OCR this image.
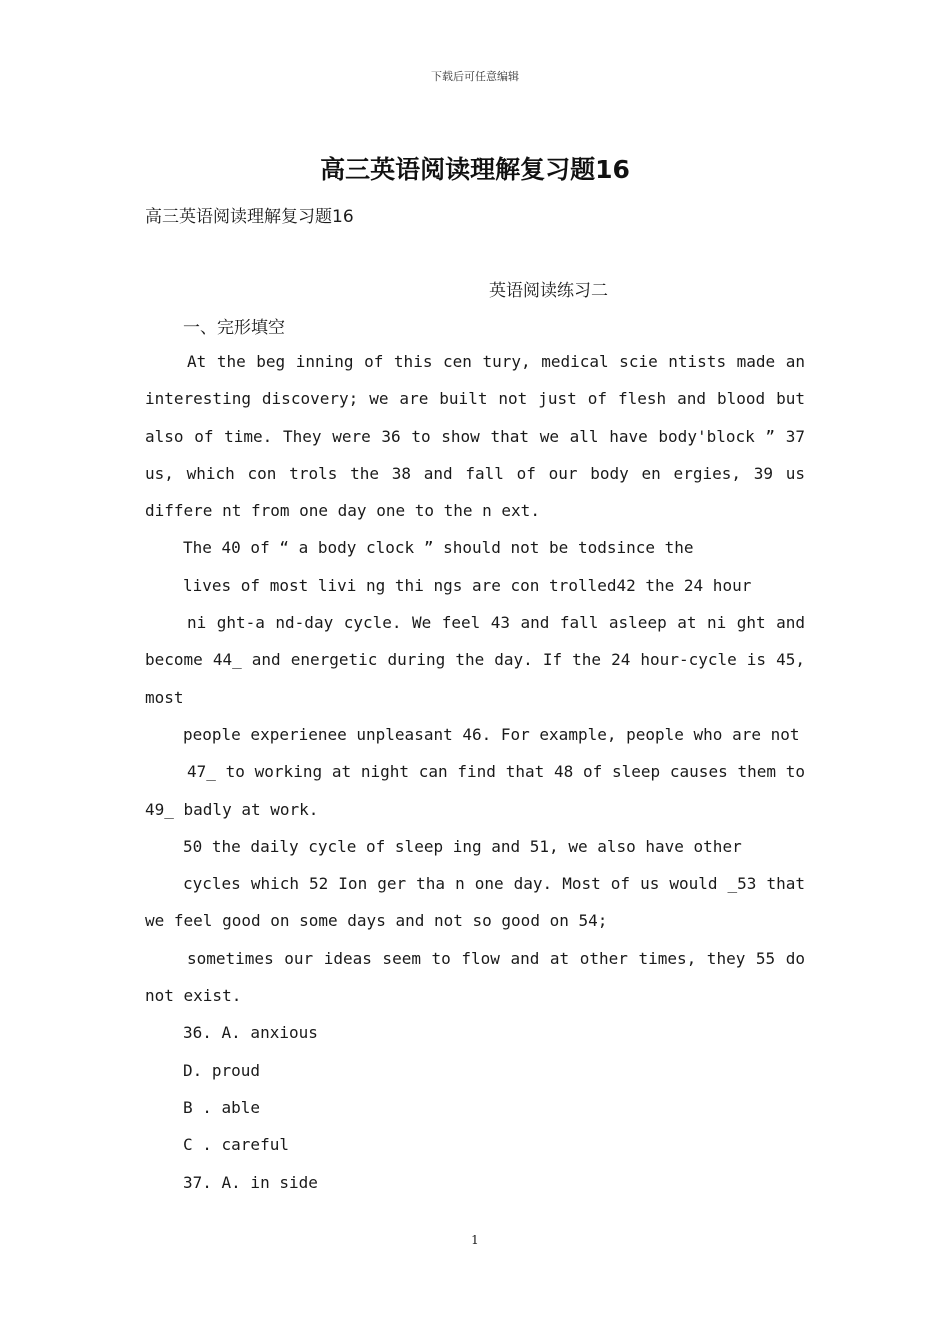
下载后可任意编辑
高三英语阅读理解复习题16
高三英语阅读理解复习题16
英语阅读练习二
一、完形填空
At the beg inning of this cen tury, medical scie ntists made an
interesting discovery; we are built not just of flesh and blood but
also of time. They were 36 to show that we all have body'block ” 37
us, which con trols the 38 and fall of our body en ergies, 39 us
differe nt from one day one to the n ext.
The 40 of “ a body clock ” should not be todsince the
lives of most livi ng thi ngs are con trolled42 the 24 hour
ni ght-a nd-day cycle. We feel 43 and fall asleep at ni ght and
become 44_ and energetic during the day. If the 24 hour-cycle is 45,
most
people experienee unpleasant 46. For example, people who are not
47_ to working at night can find that 48 of sleep causes them to
49_ badly at work.
50 the daily cycle of sleep ing and 51, we also have other
cycles which 52 Ion ger tha n one day. Most of us would _53 that
we feel good on some days and not so good on 54;
sometimes our ideas seem to flow and at other times, they 55 do
not exist.
36. A. anxious
D. proud
B . able
C . careful
37. A. in side
1
